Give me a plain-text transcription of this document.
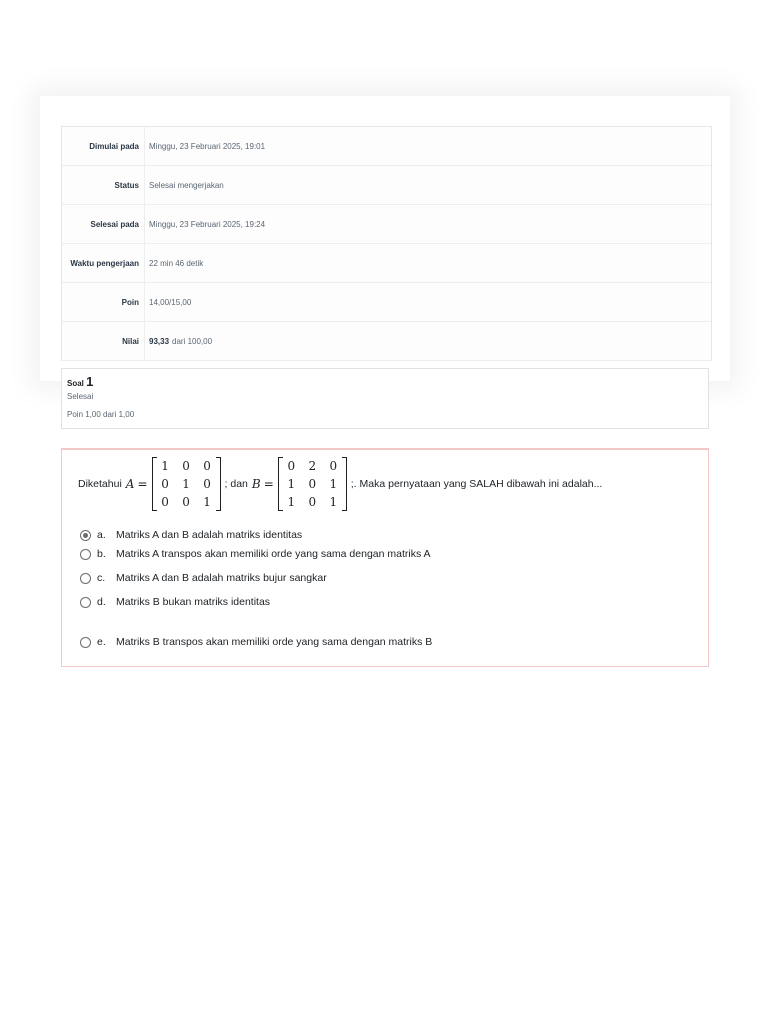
Dimulai pada	Minggu, 23 Februari 2025, 19:01
Status	Selesai mengerjakan
Selesai pada	Minggu, 23 Februari 2025, 19:24
Waktu pengerjaan	22 min 46 detik
Poin	14,00/15,00
Nilai	93,33 dari 100,00
Soal 1
Selesai
Poin 1,00 dari 1,00
Diketahui A =
1	0	0
0	1	0
0	0	1
; dan B =
0	2	0
1	0	1
1	0	1
;. Maka pernyataan yang SALAH dibawah ini adalah...
a. Matriks A dan B adalah matriks identitas
b. Matriks A transpos akan memiliki orde yang sama dengan matriks A
c.	Matriks A dan B adalah matriks bujur sangkar
d. Matriks B bukan matriks identitas
e. Matriks B transpos akan memiliki orde yang sama dengan matriks B
